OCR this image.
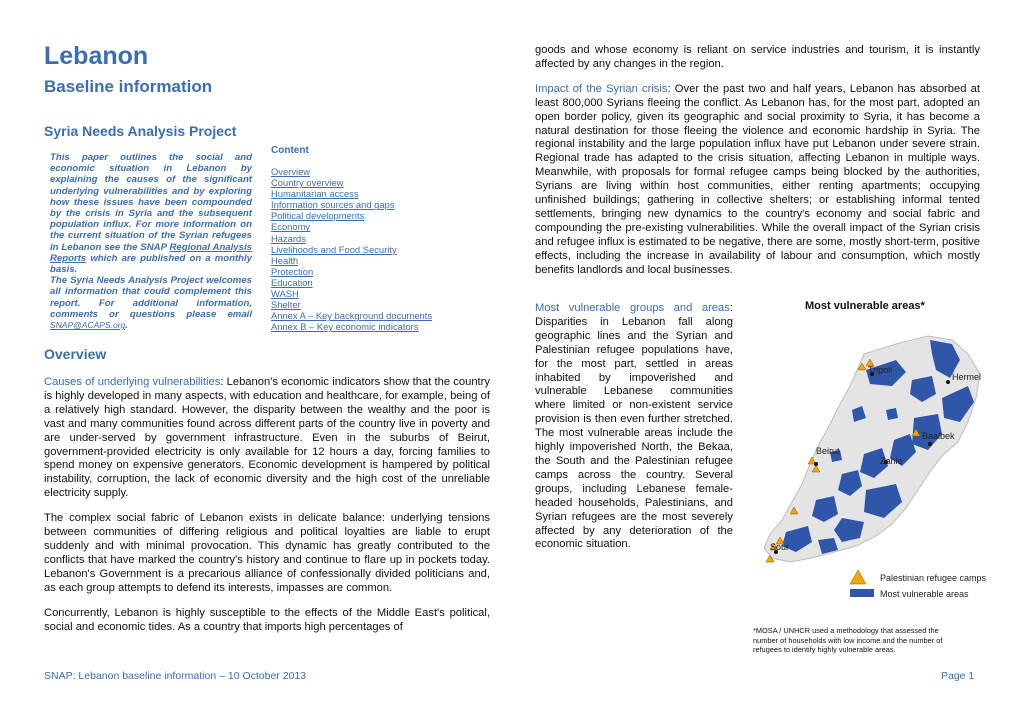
Lebanon
Baseline information
Syria Needs Analysis Project

This paper outlines the social and economic situation in Lebanon by explaining the causes of the significant underlying vulnerabilities and by exploring how these issues have been compounded by the crisis in Syria and the subsequent population influx. For more information on the current situation of the Syrian refugees in Lebanon see the SNAP Regional Analysis Reports which are published on a monthly basis.

The Syria Needs Analysis Project welcomes all information that could complement this report. For additional information, comments or questions please email SNAP@ACAPS.org.

Content
Overview
Country overview
Humanitarian access
Information sources and gaps
Political developments
Economy
Hazards
Livelihoods and Food Security
Health
Protection
Education
WASH
Shelter
Annex A – Key background documents
Annex B – Key economic indicators
Overview

Causes of underlying vulnerabilities: Lebanon's economic indicators show that the country is highly developed in many aspects, with education and healthcare, for example, being of a relatively high standard. However, the disparity between the wealthy and the poor is vast and many communities found across different parts of the country live in poverty and are under-served by government infrastructure. Even in the suburbs of Beirut, government-provided electricity is only available for 12 hours a day, forcing families to spend money on expensive generators. Economic development is hampered by political instability, corruption, the lack of economic diversity and the high cost of the unreliable electricity supply.

The complex social fabric of Lebanon exists in delicate balance: underlying tensions between communities of differing religious and political loyalties are liable to erupt suddenly and with minimal provocation. This dynamic has greatly contributed to the conflicts that have marked the country's history and continue to flare up in pockets today. Lebanon's Government is a precarious alliance of confessionally divided politicians and, as each group attempts to defend its interests, impasses are common.

Concurrently, Lebanon is highly susceptible to the effects of the Middle East's political, social and economic tides. As a country that imports high percentages of

goods and whose economy is reliant on service industries and tourism, it is instantly affected by any changes in the region.

Impact of the Syrian crisis: Over the past two and half years, Lebanon has absorbed at least 800,000 Syrians fleeing the conflict. As Lebanon has, for the most part, adopted an open border policy, given its geographic and social proximity to Syria, it has become a natural destination for those fleeing the violence and economic hardship in Syria. The regional instability and the large population influx have put Lebanon under severe strain. Regional trade has adapted to the crisis situation, affecting Lebanon in multiple ways. Meanwhile, with proposals for formal refugee camps being blocked by the authorities, Syrians are living within host communities, either renting apartments; occupying unfinished buildings; gathering in collective shelters; or establishing informal tented settlements, bringing new dynamics to the country's economy and social fabric and compounding the pre-existing vulnerabilities. While the overall impact of the Syrian crisis and refugee influx is estimated to be negative, there are some, mostly short-term, positive effects, including the increase in availability of labour and consumption, which mostly benefits landlords and local businesses.

Most vulnerable groups and areas: Disparities in Lebanon fall along geographic lines and the Syrian and Palestinian refugee populations have, for the most part, settled in areas inhabited by impoverished and vulnerable Lebanese communities where limited or non-existent service provision is then even further stretched. The most vulnerable areas include the highly impoverished North, the Bekaa, the South and the Palestinian refugee camps across the country. Several groups, including Lebanese female-headed households, Palestinians, and Syrian refugees are the most severely affected by any deterioration of the economic situation.

Most vulnerable areas*

Tripoli
Hermel
Baalbek
Beirut
Zahle
Sour
Palestinian refugee camps
Most vulnerable areas

*MOSA / UNHCR used a methodology that assessed the number of households with low income and the number of refugees to identify highly vulnerable areas.

SNAP: Lebanon baseline information – 10 October 2013	Page 1
